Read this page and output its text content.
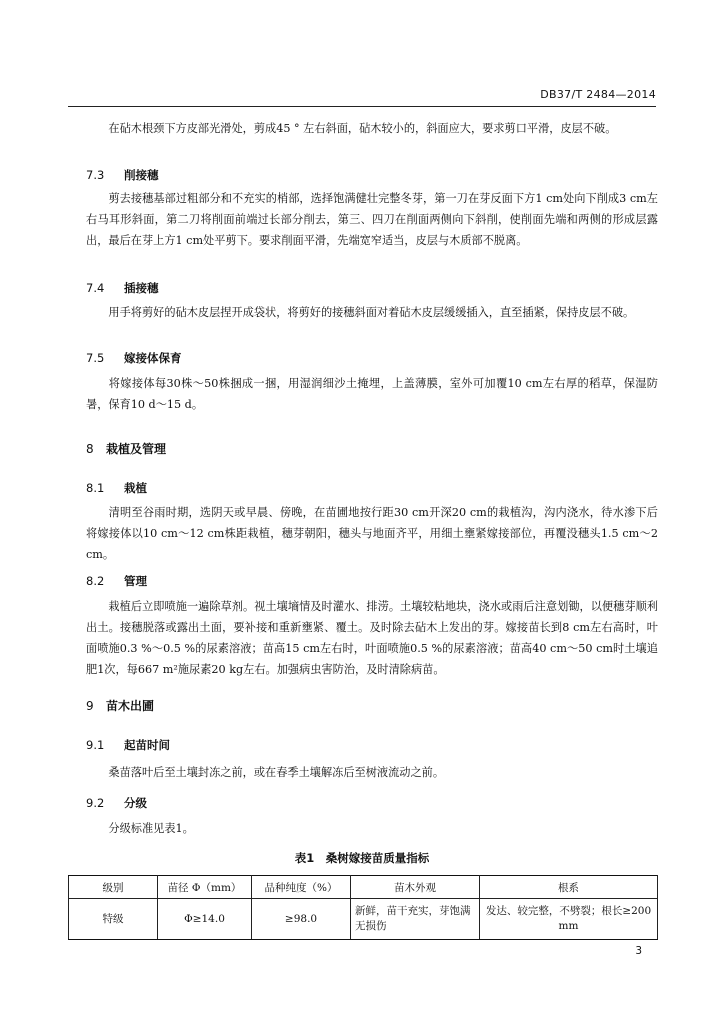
DB37/T 2484—2014
在砧木根颈下方皮部光滑处，剪成45 ° 左右斜面，砧木较小的，斜面应大，要求剪口平滑，皮层不破。
7.3 削接穗
剪去接穗基部过粗部分和不充实的梢部，选择饱满健壮完整冬芽，第一刀在芽反面下方1 cm处向下削成3 cm左右马耳形斜面，第二刀将削面前端过长部分削去，第三、四刀在削面两侧向下斜削，使削面先端和两侧的形成层露出，最后在芽上方1 cm处平剪下。要求削面平滑，先端宽窄适当，皮层与木质部不脱离。
7.4 插接穗
用手将剪好的砧木皮层捏开成袋状，将剪好的接穗斜面对着砧木皮层缓缓插入，直至插紧，保持皮层不破。
7.5 嫁接体保育
将嫁接体每30株～50株捆成一捆，用湿润细沙土掩埋，上盖薄膜，室外可加覆10 cm左右厚的稻草，保湿防暑，保育10 d～15 d。
8 栽植及管理
8.1 栽植
清明至谷雨时期，选阴天或早晨、傍晚，在苗圃地按行距30 cm开深20 cm的栽植沟，沟内浇水，待水渗下后将嫁接体以10 cm～12 cm株距栽植，穗芽朝阳，穗头与地面齐平，用细土壅紧嫁接部位，再覆没穗头1.5 cm～2 cm。
8.2 管理
栽植后立即喷施一遍除草剂。视土壤墒情及时灌水、排涝。土壤较粘地块，浇水或雨后注意划锄，以便穗芽顺利出土。接穗脱落或露出土面，要补接和重新壅紧、覆土。及时除去砧木上发出的芽。嫁接苗长到8 cm左右高时，叶面喷施0.3 %～0.5 %的尿素溶液；苗高15 cm左右时，叶面喷施0.5 %的尿素溶液；苗高40 cm～50 cm时土壤追肥1次，每667 m²施尿素20 kg左右。加强病虫害防治，及时清除病苗。
9 苗木出圃
9.1 起苗时间
桑苗落叶后至土壤封冻之前，或在春季土壤解冻后至树液流动之前。
9.2 分级
分级标准见表1。
表1　桑树嫁接苗质量指标
级别	苗径 Φ（mm）	品种纯度（%）	苗木外观	根系
特级	Φ≥14.0	≥98.0	新鲜，苗干充实，芽饱满无损伤	发达、较完整，不劈裂；根长≥200 mm
3
